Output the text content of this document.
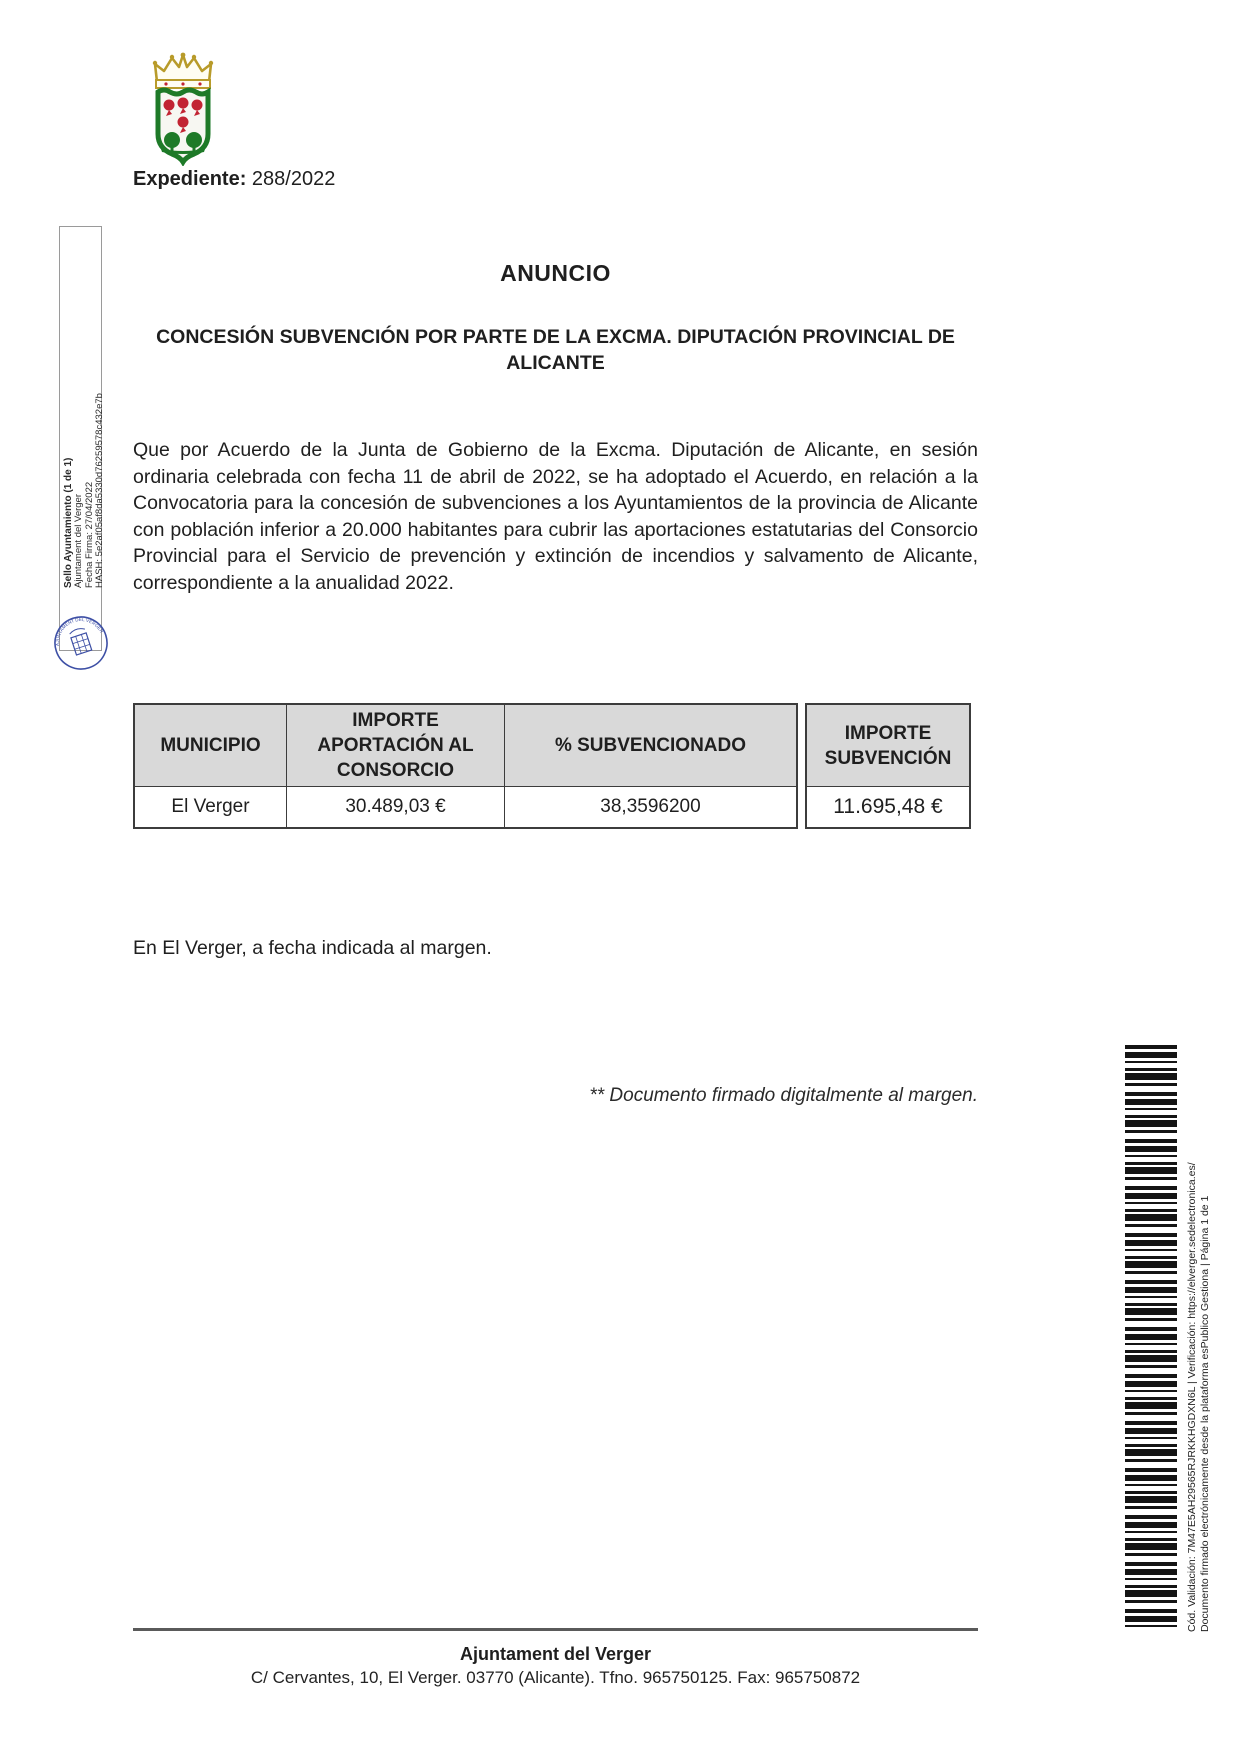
Expediente: 288/2022
Sello Ayuntamiento (1 de 1) Ajuntament del Verger Fecha Firma: 27/04/2022 HASH: 5e2af05af8da5330d76259578c432e7b
AJUNTAMENT DEL VERGER
ANUNCIO
CONCESIÓN SUBVENCIÓN POR PARTE DE LA EXCMA. DIPUTACIÓN PROVINCIAL DE ALICANTE
Que por Acuerdo de la Junta de Gobierno de la Excma. Diputación de Alicante, en sesión ordinaria celebrada con fecha 11 de abril de 2022, se ha adoptado el Acuerdo, en relación a la Convocatoria para la concesión de subvenciones a los Ayuntamientos de la provincia de Alicante con población inferior a 20.000 habitantes para cubrir las aportaciones estatutarias del Consorcio Provincial para el Servicio de prevención y extinción de incendios y salvamento de Alicante, correspondiente a la anualidad 2022.
MUNICIPIO
IMPORTE APORTACIÓN AL CONSORCIO
% SUBVENCIONADO
El Verger	30.489,03 €	38,3596200
IMPORTE SUBVENCIÓN
11.695,48 €
En El Verger, a fecha indicada al margen.
** Documento firmado digitalmente al margen.
Cód. Validación: 7M47E5AH29565RJRKKHGDXN6L | Verificación: https://elverger.sedelectronica.es/ Documento firmado electrónicamente desde la plataforma esPublico Gestiona | Página 1 de 1
Ajuntament del Verger
C/ Cervantes, 10, El Verger. 03770 (Alicante). Tfno. 965750125. Fax: 965750872
